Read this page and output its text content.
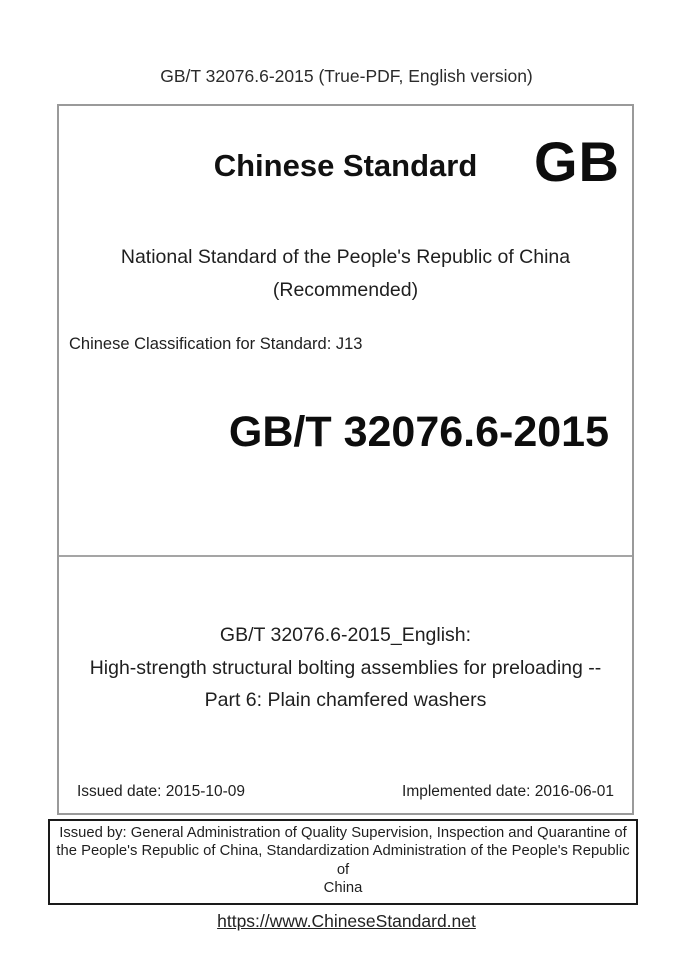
GB/T 32076.6-2015 (True-PDF, English version)
Chinese Standard	GB
National Standard of the People's Republic of China
(Recommended)
Chinese Classification for Standard: J13
GB/T 32076.6-2015
GB/T 32076.6-2015_English:
High-strength structural bolting assemblies for preloading --
Part 6: Plain chamfered washers
Issued date: 2015-10-09	Implemented date: 2016-06-01
Issued by: General Administration of Quality Supervision, Inspection and Quarantine of
the People's Republic of China, Standardization Administration of the People's Republic of
China
https://www.ChineseStandard.net
